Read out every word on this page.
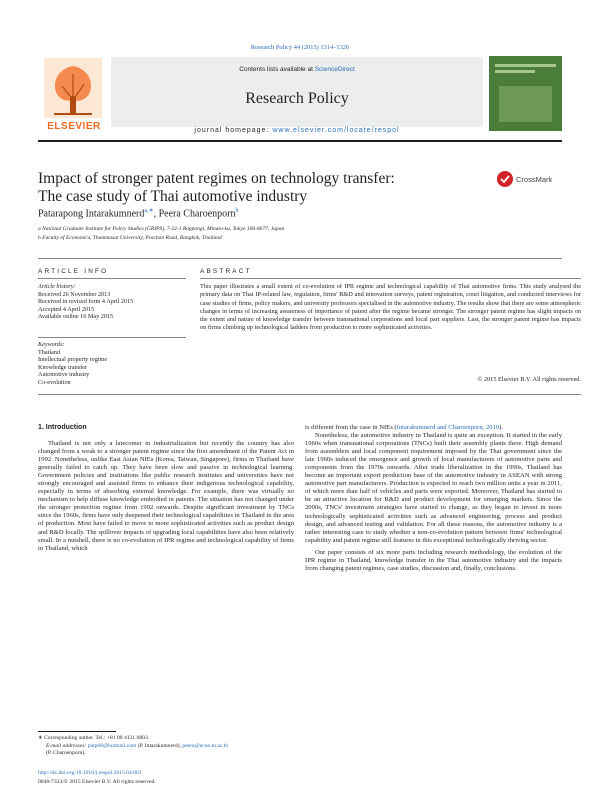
Research Policy 44 (2015) 1314–1326
ELSEVIER
Contents lists available at ScienceDirect
Research Policy
journal homepage: www.elsevier.com/locate/respol
Impact of stronger patent regimes on technology transfer:
The case study of Thai automotive industry
CrossMark
Patarapong Intarakumnerd$^{a,∗}$, Peera Charoenporn$^b$
a National Graduate Institute for Policy Studies (GRIPS), 7-22-1 Roppongi, Minato-ku, Tokyo 106-8677, Japan
b Faculty of Economics, Thammasat University, Prachan Road, Bangkok, Thailand
ARTICLE INFO
Article history:
Received 26 November 2013
Received in revised form 4 April 2015
Accepted 4 April 2015
Available online 16 May 2015
Keywords:
Thailand
Intellectual property regime
Knowledge transfer
Automotive industry
Co-evolution
ABSTRACT
This paper illustrates a small extent of co-evolution of IPR regime and technological capability of Thai automotive firms. This study analysed the primary data on Thai IP-related law, regulation, firms' R&D and innovation surveys, patent registration, court litigation, and conducted interviews for case studies of firms, policy makers, and university professors specialised in the automotive industry. The results show that there are some atmospheric changes in terms of increasing awareness of importance of patent after the regime became stronger. The stronger patent regime has slight impacts on the extent and nature of knowledge transfer between transnational corporations and local part suppliers. Last, the stronger patent regime has impacts on firms climbing up technological ladders from production to more sophisticated activities.
© 2015 Elsevier B.V. All rights reserved.
1. Introduction

Thailand is not only a latecomer in industrialization but recently the country has also changed from a weak to a stronger patent regime since the first amendment of the Patent Act in 1992. Nonetheless, unlike East Asian NIEs (Korea, Taiwan, Singapore), firms in Thailand have generally failed to catch up. They have been slow and passive in technological learning. Government policies and institutions like public research institutes and universities have not strongly encouraged and assisted firms to enhance their indigenous technological capability, especially in terms of absorbing external knowledge. For example, there was virtually no mechanism to help diffuse knowledge embodied in patents. The situation has not changed under the stronger protection regime from 1992 onwards. Despite significant investment by TNCs since the 1960s, firms have only deepened their technological capabilities in Thailand in the area of production. Most have failed to move to more sophisticated activities such as product design and R&D locally. The spillover impacts of upgrading local capabilities have also been relatively small. In a nutshell, there is no co-evolution of IPR regime and technological capability of firms in Thailand, which

is different from the case in NIEs (Intarakumnerd and Charoenporn, 2010).

Nonetheless, the automotive industry in Thailand is quite an exception. It started in the early 1960s when transnational corporations (TNCs) built their assembly plants there. High demand from assemblers and local component requirement imposed by the Thai government since the late 1960s induced the emergence and growth of local manufacturers of automotive parts and components from the 1970s onwards. After trade liberalization in the 1990s, Thailand has become an important export production base of the automotive industry in ASEAN with strong automotive part manufacturers. Production is expected to reach two million units a year in 2011, of which more than half of vehicles and parts were exported. Moreover, Thailand has started to be an attractive location for R&D and product development for emerging markets. Since the 2000s, TNCs' investment strategies have started to change, as they began to invest in more technologically sophisticated activities such as advanced engineering, process and product design, and advanced testing and validation. For all these reasons, the automotive industry is a rather interesting case to study whether a non-co-evolution pattern between firms' technological capability and patent regime still features in this exceptional technologically thriving sector.

Our paper consists of six more parts including research methodology, the evolution of the IPR regime in Thailand, knowledge transfer in the Thai automotive industry and the impacts from changing patent regimes, case studies, discussion and, finally, conclusions.

∗ Corresponding author. Tel.: +81 80 4131 0803.
E-mail addresses: patp68@hotmail.com (P. Intarakumnerd), peera@econ.tu.ac.th
(P. Charoenporn).
http://dx.doi.org/10.1016/j.respol.2015.04.001
0048-7333/© 2015 Elsevier B.V. All rights reserved.
